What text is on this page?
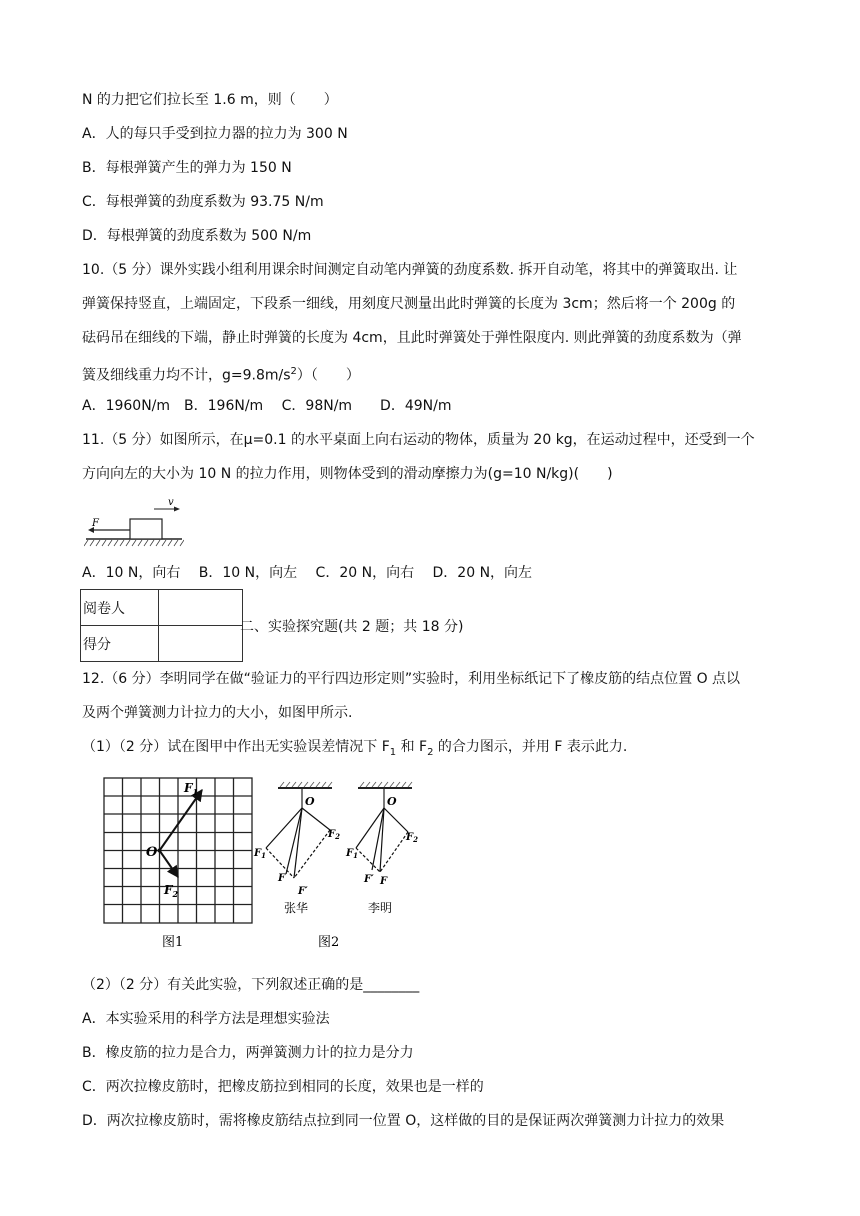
N 的力把它们拉长至 1.6 m，则（　　）
A．人的每只手受到拉力器的拉力为 300 N
B．每根弹簧产生的弹力为 150 N
C．每根弹簧的劲度系数为 93.75 N/m
D．每根弹簧的劲度系数为 500 N/m
10.（5 分）课外实践小组利用课余时间测定自动笔内弹簧的劲度系数. 拆开自动笔，将其中的弹簧取出. 让
弹簧保持竖直，上端固定，下段系一细线，用刻度尺测量出此时弹簧的长度为 3cm；然后将一个 200g 的
砝码吊在细线的下端，静止时弹簧的长度为 4cm，且此时弹簧处于弹性限度内. 则此弹簧的劲度系数为（弹
簧及细线重力均不计，$g=9.8m/s^2$）（　　）
A．1960N/m　B．196N/m　 C．98N/m　　D．49N/m
11.（5 分）如图所示，在μ=0.1 的水平桌面上向右运动的物体，质量为 20 kg，在运动过程中，还受到一个
方向向左的大小为 10 N 的拉力作用，则物体受到的滑动摩擦力为(g=10 N/kg)(　　)
F
v
A．10 N，向右　 B．10 N，向左　 C．20 N，向右　 D．20 N，向左
阅卷人	
得分	
二、实验探究题(共 2 题；共 18 分)
12.（6 分）李明同学在做“验证力的平行四边形定则”实验时，利用坐标纸记下了橡皮筋的结点位置 O 点以
及两个弹簧测力计拉力的大小，如图甲所示.
（1）（2 分）试在图甲中作出无实验误差情况下 $F_1$ 和 $F_2$ 的合力图示，并用 F 表示此力.
O
$F_1$
$F_2$
图1
O
$F_1$
$F_2$
F
F′
张华
O
$F_1$
$F_2$
F′ F
李明
图2
（2）（2 分）有关此实验，下列叙述正确的是________
A．本实验采用的科学方法是理想实验法
B．橡皮筋的拉力是合力，两弹簧测力计的拉力是分力
C．两次拉橡皮筋时，把橡皮筋拉到相同的长度，效果也是一样的
D．两次拉橡皮筋时，需将橡皮筋结点拉到同一位置 O，这样做的目的是保证两次弹簧测力计拉力的效果
